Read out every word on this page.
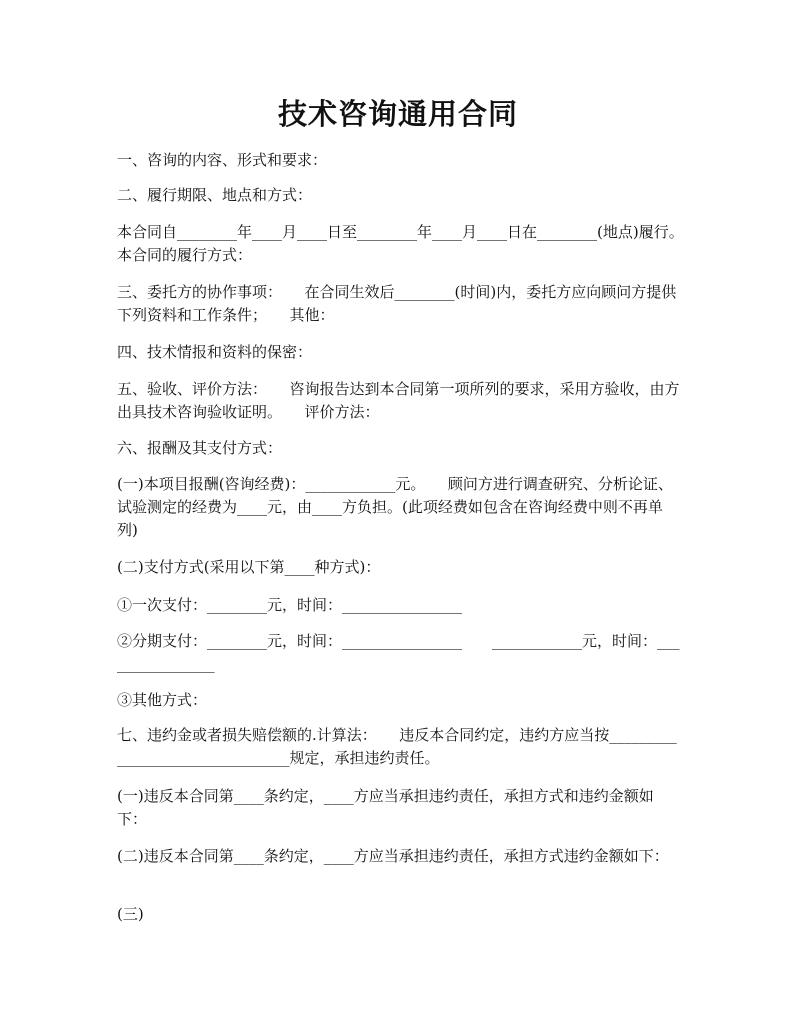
技术咨询通用合同

一、咨询的内容、形式和要求：

二、履行期限、地点和方式：

本合同自________年____月____日至________年____月____日在________(地点)履行。　　本合同的履行方式：

三、委托方的协作事项：　　在合同生效后________(时间)内，委托方应向顾问方提供下列资料和工作条件；　　其他：

四、技术情报和资料的保密：

五、验收、评价方法：　　咨询报告达到本合同第一项所列的要求，采用方验收，由方出具技术咨询验收证明。　　评价方法：

六、报酬及其支付方式：

(一)本项目报酬(咨询经费)：____________元。　　顾问方进行调查研究、分析论证、试验测定的经费为____元，由____方负担。(此项经费如包含在咨询经费中则不再单列)

(二)支付方式(采用以下第____种方式)：

①一次支付：________元，时间：________________

②分期支付：________元，时间：________________　　____________元，时间：________________

③其他方式：

七、违约金或者损失赔偿额的.计算法：　　违反本合同约定，违约方应当按________________________________规定，承担违约责任。

(一)违反本合同第____条约定，____方应当承担违约责任，承担方式和违约金额如下：

(二)违反本合同第____条约定，____方应当承担违约责任，承担方式违约金额如下：

(三)
